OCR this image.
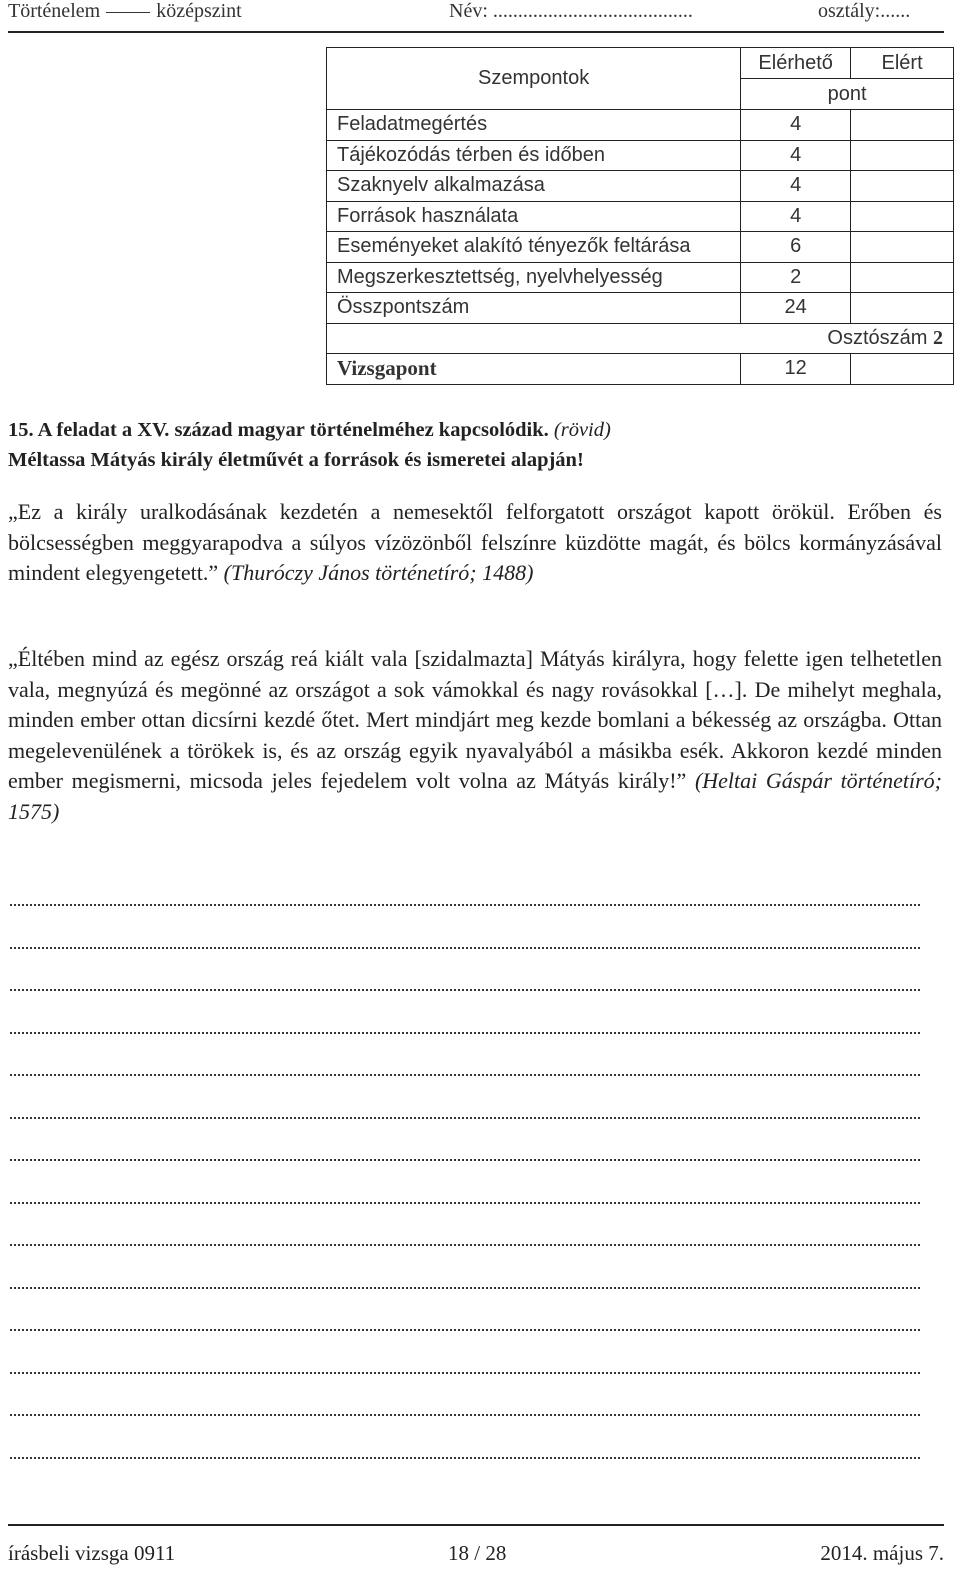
Történelem	középszint	Név: ........................................	osztály:......
Szempontok	Elérhető	Elért
	pont	
Feladatmegértés	4	
Tájékozódás térben és időben	4	
Szaknyelv alkalmazása	4	
Források használata	4	
Eseményeket alakító tényezők feltárása	6	
Megszerkesztettség, nyelvhelyesség	2	
Összpontszám	24	
Osztószám 2		
Vizsgapont	12	
15. A feladat a XV. század magyar történelméhez kapcsolódik. (rövid)
Méltassa Mátyás király életművét a források és ismeretei alapján!
„Ez a király uralkodásának kezdetén a nemesektől felforgatott országot kapott örökül. Erőben és bölcsességben meggyarapodva a súlyos vízözönből felszínre küzdötte magát, és bölcs kormányzásával mindent elegyengetett.” (Thuróczy János történetíró; 1488)
„Éltében mind az egész ország reá kiált vala [szidalmazta] Mátyás királyra, hogy felette igen telhetetlen vala, megnyúzá és megönné az országot a sok vámokkal és nagy rovásokkal […]. De mihelyt meghala, minden ember ottan dicsírni kezdé őtet. Mert mindjárt meg kezde bomlani a békesség az országba. Ottan megelevenülének a törökek is, és az ország egyik nyavalyából a másikba esék. Akkoron kezdé minden ember megismerni, micsoda jeles fejedelem volt volna az Mátyás király!” (Heltai Gáspár történetíró; 1575)
írásbeli vizsga 0911	18 / 28	2014. május 7.
